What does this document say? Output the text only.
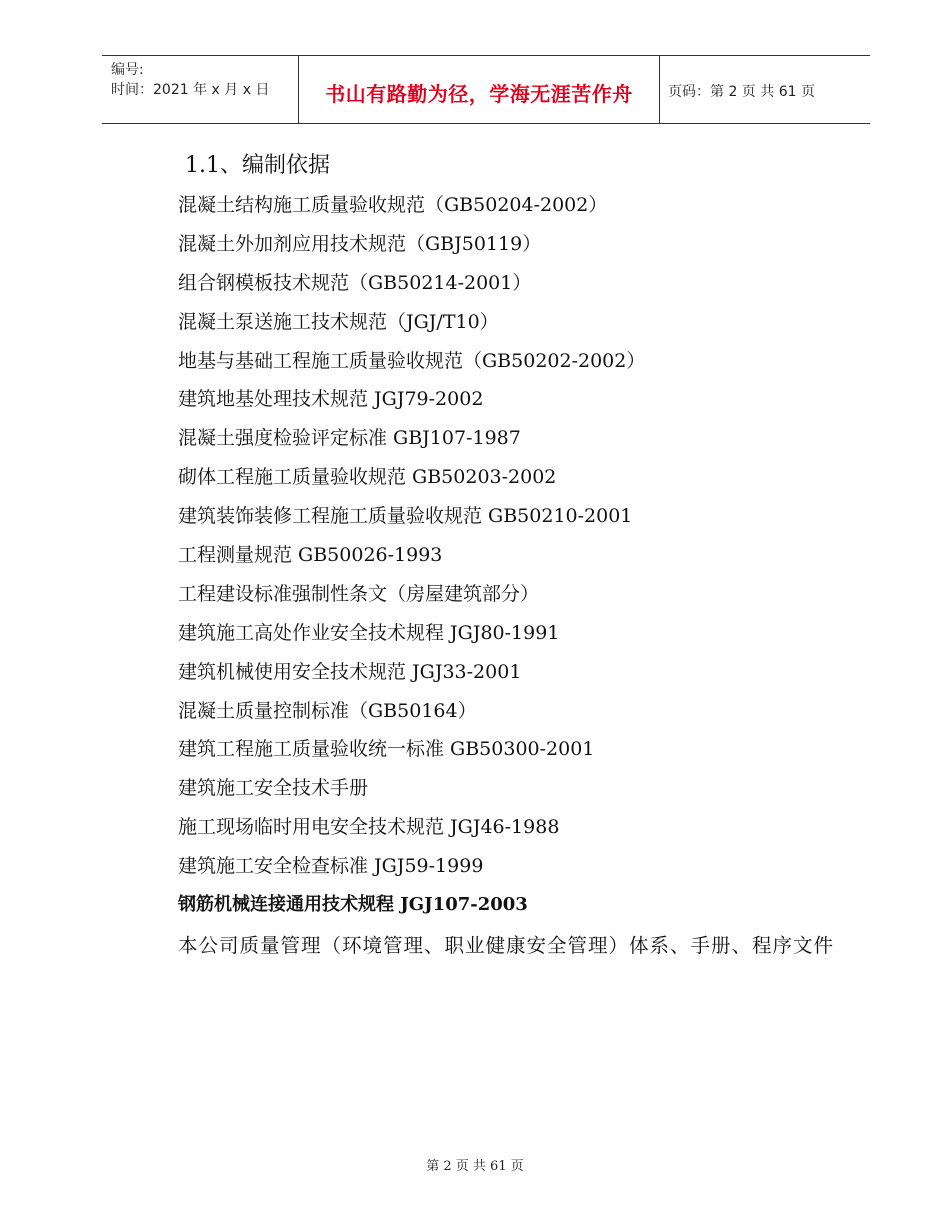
编号:
时间：2021 年 x 月 x 日	书山有路勤为径，学海无涯苦作舟	页码：第 2 页 共 61 页
1.1、编制依据
混凝土结构施工质量验收规范（GB50204-2002）
混凝土外加剂应用技术规范（GBJ50119）
组合钢模板技术规范（GB50214-2001）
混凝土泵送施工技术规范（JGJ/T10）
地基与基础工程施工质量验收规范（GB50202-2002）
建筑地基处理技术规范 JGJ79-2002
混凝土强度检验评定标准 GBJ107-1987
砌体工程施工质量验收规范 GB50203-2002
建筑装饰装修工程施工质量验收规范 GB50210-2001
工程测量规范 GB50026-1993
工程建设标准强制性条文（房屋建筑部分）
建筑施工高处作业安全技术规程 JGJ80-1991
建筑机械使用安全技术规范 JGJ33-2001
混凝土质量控制标准（GB50164）
建筑工程施工质量验收统一标准 GB50300-2001
建筑施工安全技术手册
施工现场临时用电安全技术规范 JGJ46-1988
建筑施工安全检查标准 JGJ59-1999
钢筋机械连接通用技术规程 JGJ107-2003

本公司质量管理（环境管理、职业健康安全管理）体系、手册、程序文件

第 2 页 共 61 页
